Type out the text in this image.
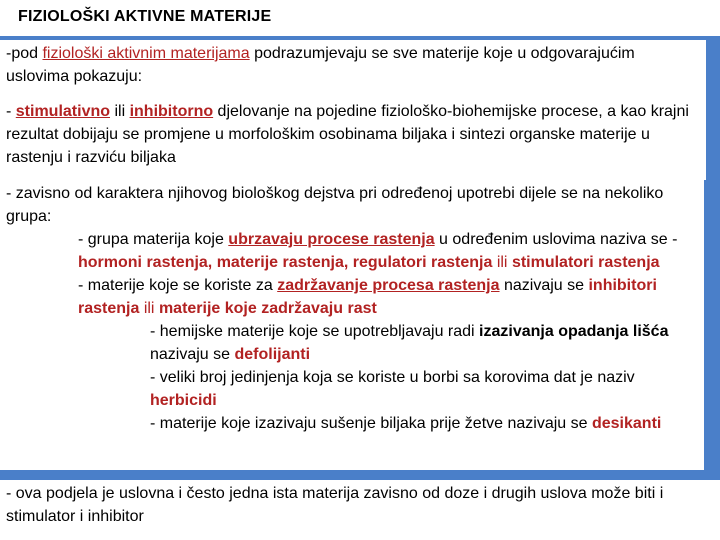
FIZIOLOŠKI AKTIVNE MATERIJE

-pod fiziološki aktivnim materijama podrazumjevaju se sve materije koje u odgovarajućim uslovima pokazuju:

- stimulativno ili inhibitorno djelovanje na pojedine fiziološko-biohemijske procese, a kao krajni rezultat dobijaju se promjene u morfološkim osobinama biljaka i sintezi organske materije u rastenju i razviću biljaka

- zavisno od karaktera njihovog biološkog dejstva pri određenoj upotrebi dijele se na nekoliko grupa:

- grupa materija koje ubrzavaju procese rastenja u određenim uslovima naziva se - hormoni rastenja, materije rastenja, regulatori rastenja ili stimulatori rastenja

- materije koje se koriste za zadržavanje procesa rastenja nazivaju se inhibitori rastenja ili materije koje zadržavaju rast

- hemijske materije koje se upotrebljavaju radi izazivanja opadanja lišća nazivaju se defolijanti

- veliki broj jedinjenja koja se koriste u borbi sa korovima dat je naziv herbicidi

- materije koje izazivaju sušenje biljaka prije žetve nazivaju se desikanti

- ova podjela je uslovna i često jedna ista materija zavisno od doze i drugih uslova može biti i stimulator i inhibitor
